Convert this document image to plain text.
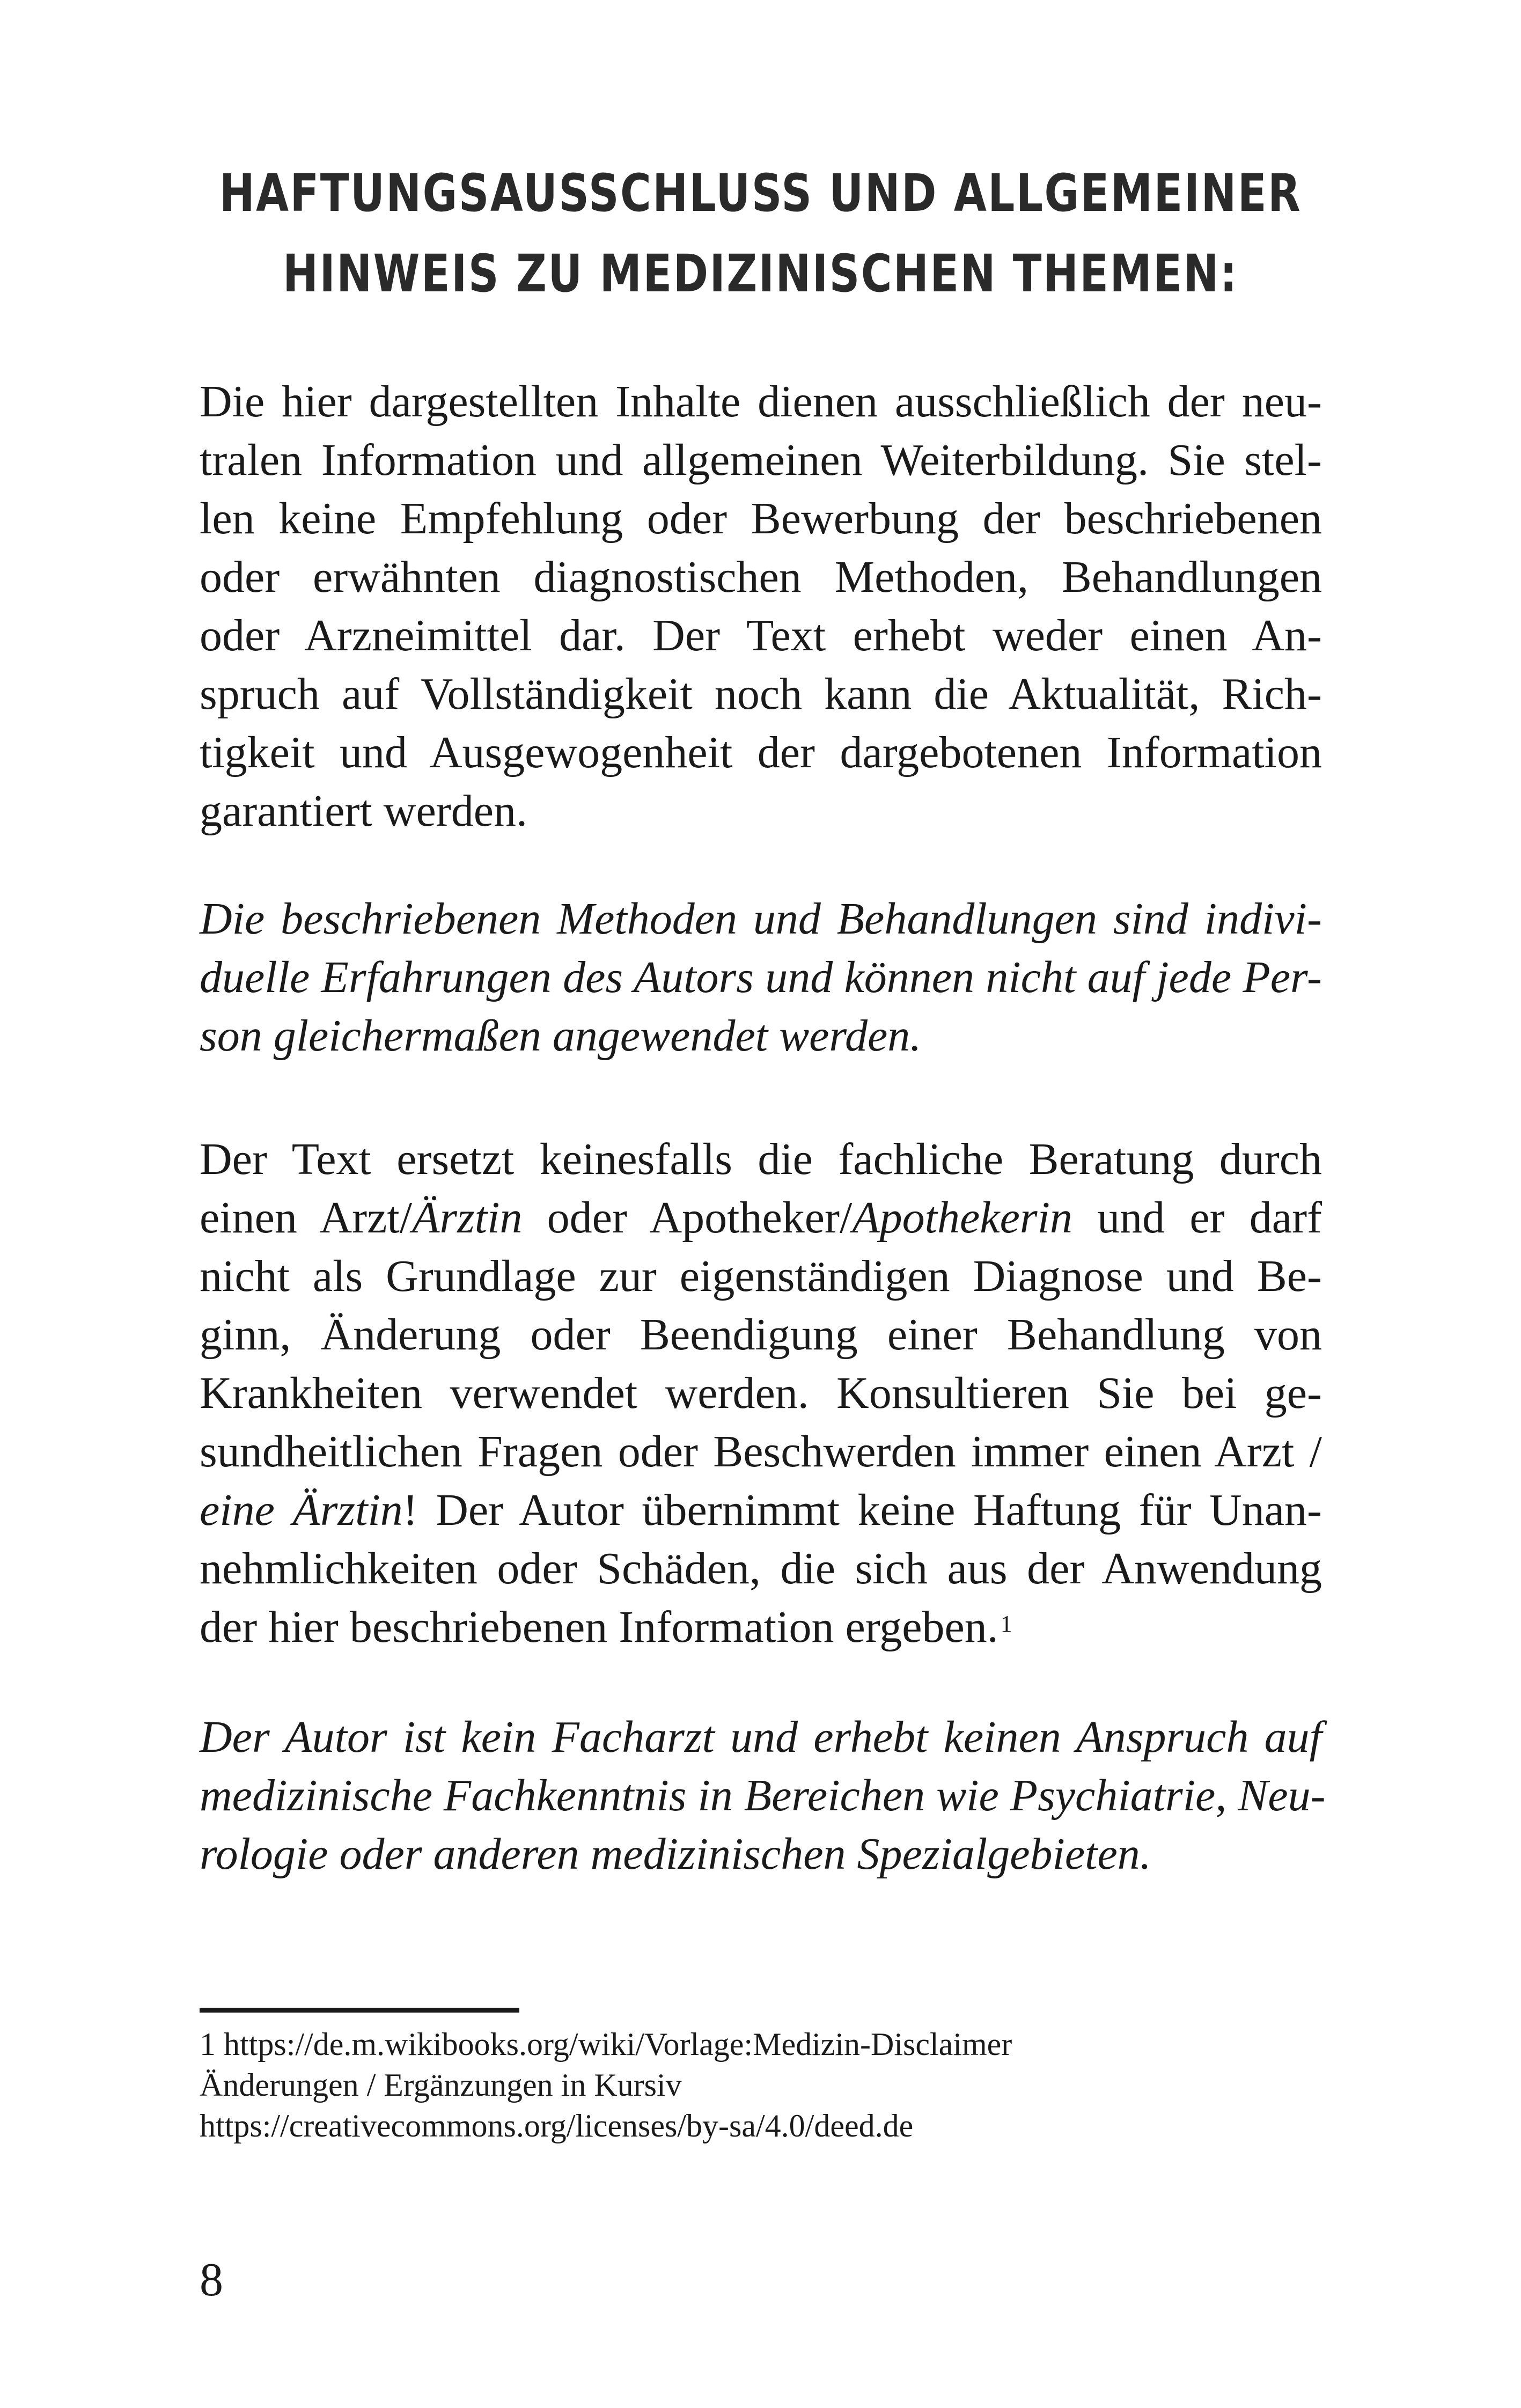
HAFTUNGSAUSSCHLUSS UND ALLGEMEINER
HINWEIS ZU MEDIZINISCHEN THEMEN:

Die hier dargestellten Inhalte dienen ausschließlich der neu-
tralen Information und allgemeinen Weiterbildung. Sie stel-
len keine Empfehlung oder Bewerbung der beschriebenen
oder erwähnten diagnostischen Methoden, Behandlungen
oder Arzneimittel dar. Der Text erhebt weder einen An-
spruch auf Vollständigkeit noch kann die Aktualität, Rich-
tigkeit und Ausgewogenheit der dargebotenen Information
garantiert werden.

Die beschriebenen Methoden und Behandlungen sind indivi-
duelle Erfahrungen des Autors und können nicht auf jede Per-
son gleichermaßen angewendet werden.

Der Text ersetzt keinesfalls die fachliche Beratung durch
einen Arzt/Ärztin oder Apotheker/Apothekerin und er darf
nicht als Grundlage zur eigenständigen Diagnose und Be-
ginn, Änderung oder Beendigung einer Behandlung von
Krankheiten verwendet werden. Konsultieren Sie bei ge-
sundheitlichen Fragen oder Beschwerden immer einen Arzt /
eine Ärztin! Der Autor übernimmt keine Haftung für Unan-
nehmlichkeiten oder Schäden, die sich aus der Anwendung
der hier beschriebenen Information ergeben.$^1$

Der Autor ist kein Facharzt und erhebt keinen Anspruch auf
medizinische Fachkenntnis in Bereichen wie Psychiatrie, Neu-
rologie oder anderen medizinischen Spezialgebieten.

1 https://de.m.wikibooks.org/wiki/Vorlage:Medizin-Disclaimer
Änderungen / Ergänzungen in Kursiv
https://creativecommons.org/licenses/by-sa/4.0/deed.de
8
